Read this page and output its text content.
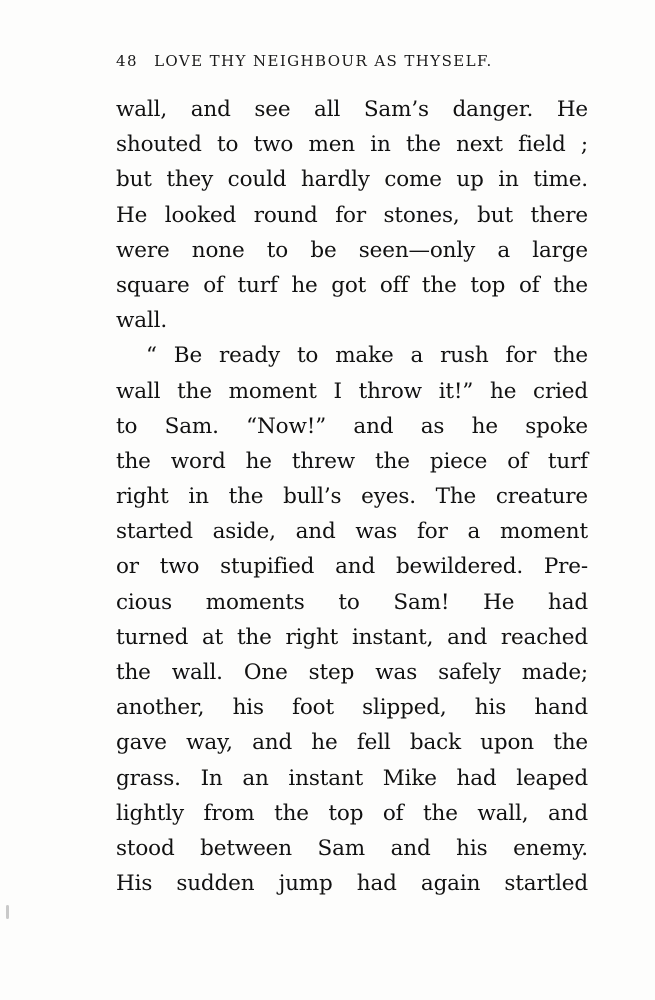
48 LOVE THY NEIGHBOUR AS THYSELF.
wall, and see all Sam’s danger. He
shouted to two men in the next field ;
but they could hardly come up in time.
He looked round for stones, but there
were none to be seen—only a large
square of turf he got off the top of the
wall.
“ Be ready to make a rush for the
wall the moment I throw it!” he cried
to Sam. “Now!” and as he spoke
the word he threw the piece of turf
right in the bull’s eyes. The creature
started aside, and was for a moment
or two stupified and bewildered. Pre-
cious moments to Sam! He had
turned at the right instant, and reached
the wall. One step was safely made;
another, his foot slipped, his hand
gave way, and he fell back upon the
grass. In an instant Mike had leaped
lightly from the top of the wall, and
stood between Sam and his enemy.
His sudden jump had again startled
